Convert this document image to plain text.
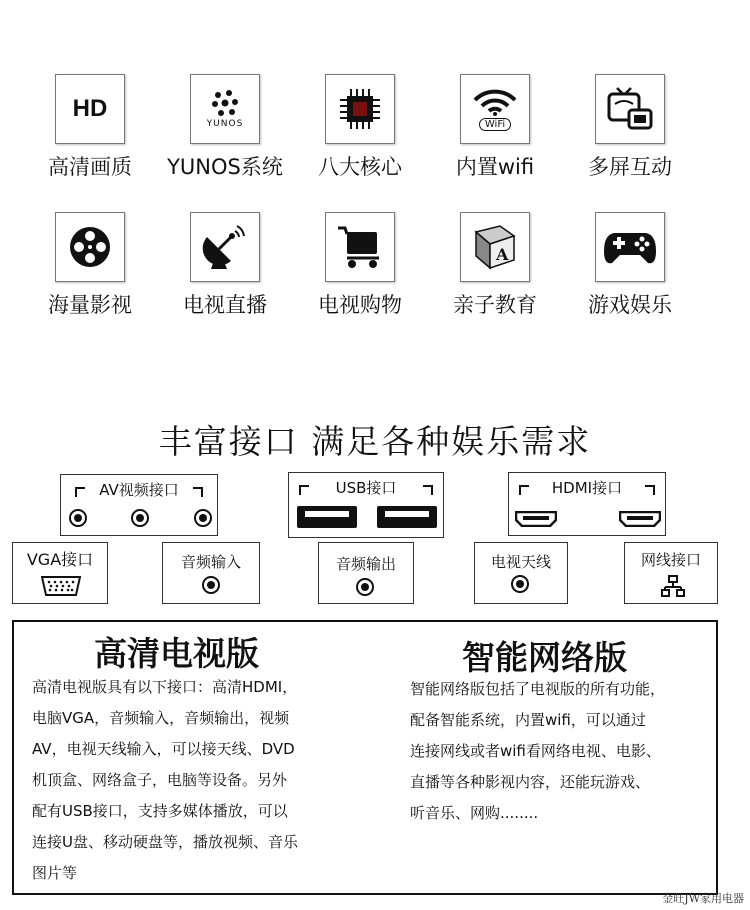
HD
高清画质
YUNOS
YUNOS系统	八大核心
WiFi
内置wifi	多屏互动
海量影视	电视直播	电视购物
A
亲子教育	游戏娱乐
丰富接口 满足各种娱乐需求
AV视频接口	USB接口	HDMI接口
VGA接口	音频输入	音频输出	电视天线	网线接口
高清电视版
高清电视版具有以下接口：高清HDMI，
电脑VGA，音频输入，音频输出，视频
AV，电视天线输入，可以接天线、DVD
机顶盒、网络盒子，电脑等设备。另外
配有USB接口，支持多媒体播放，可以
连接U盘、移动硬盘等，播放视频、音乐
图片等
智能网络版
智能网络版包括了电视版的所有功能，
配备智能系统，内置wifi，可以通过
连接网线或者wifi看网络电视、电影、
直播等各种影视内容，还能玩游戏、
听音乐、网购........
金旺JW家用电器
